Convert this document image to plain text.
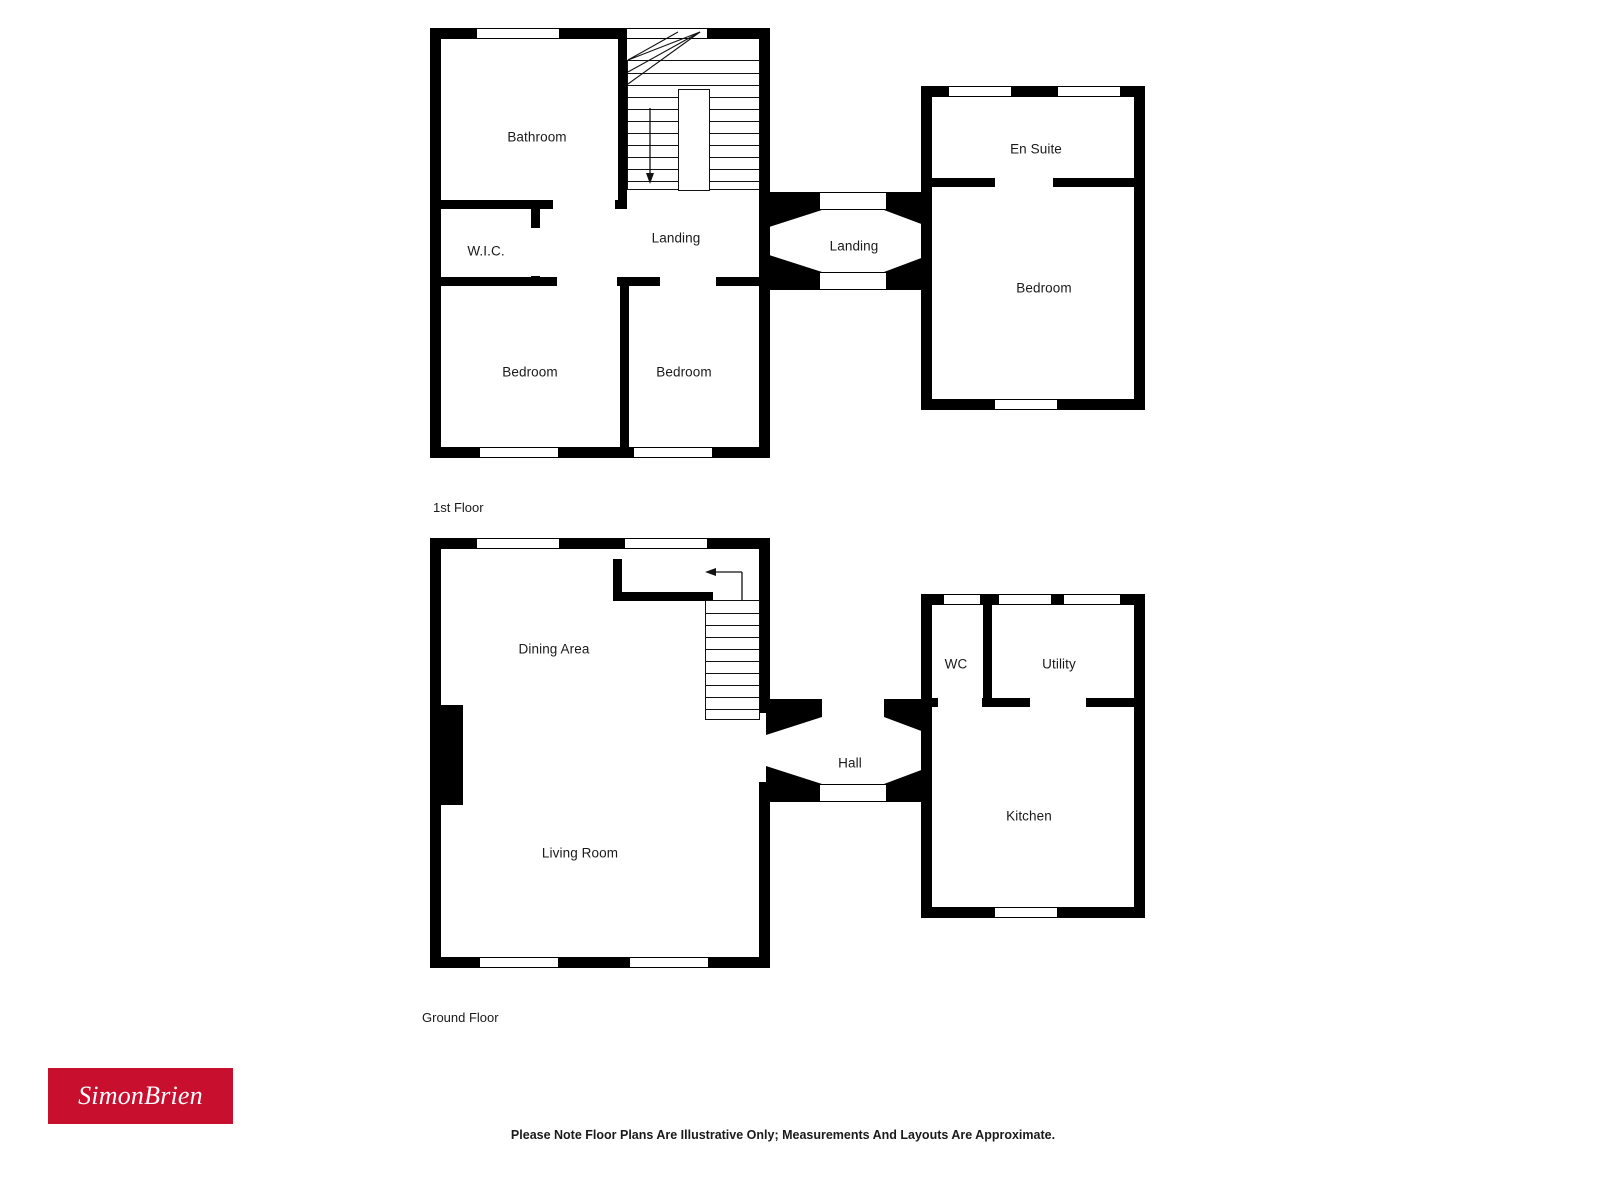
Bathroom
W.I.C.
Landing
Landing
En Suite
Bedroom
Bedroom	Bedroom
1st Floor
Dining Area
Living Room
Hall
WC	Utility
Kitchen
Ground Floor
SimonBrien
Please Note Floor Plans Are Illustrative Only; Measurements And Layouts Are Approximate.
